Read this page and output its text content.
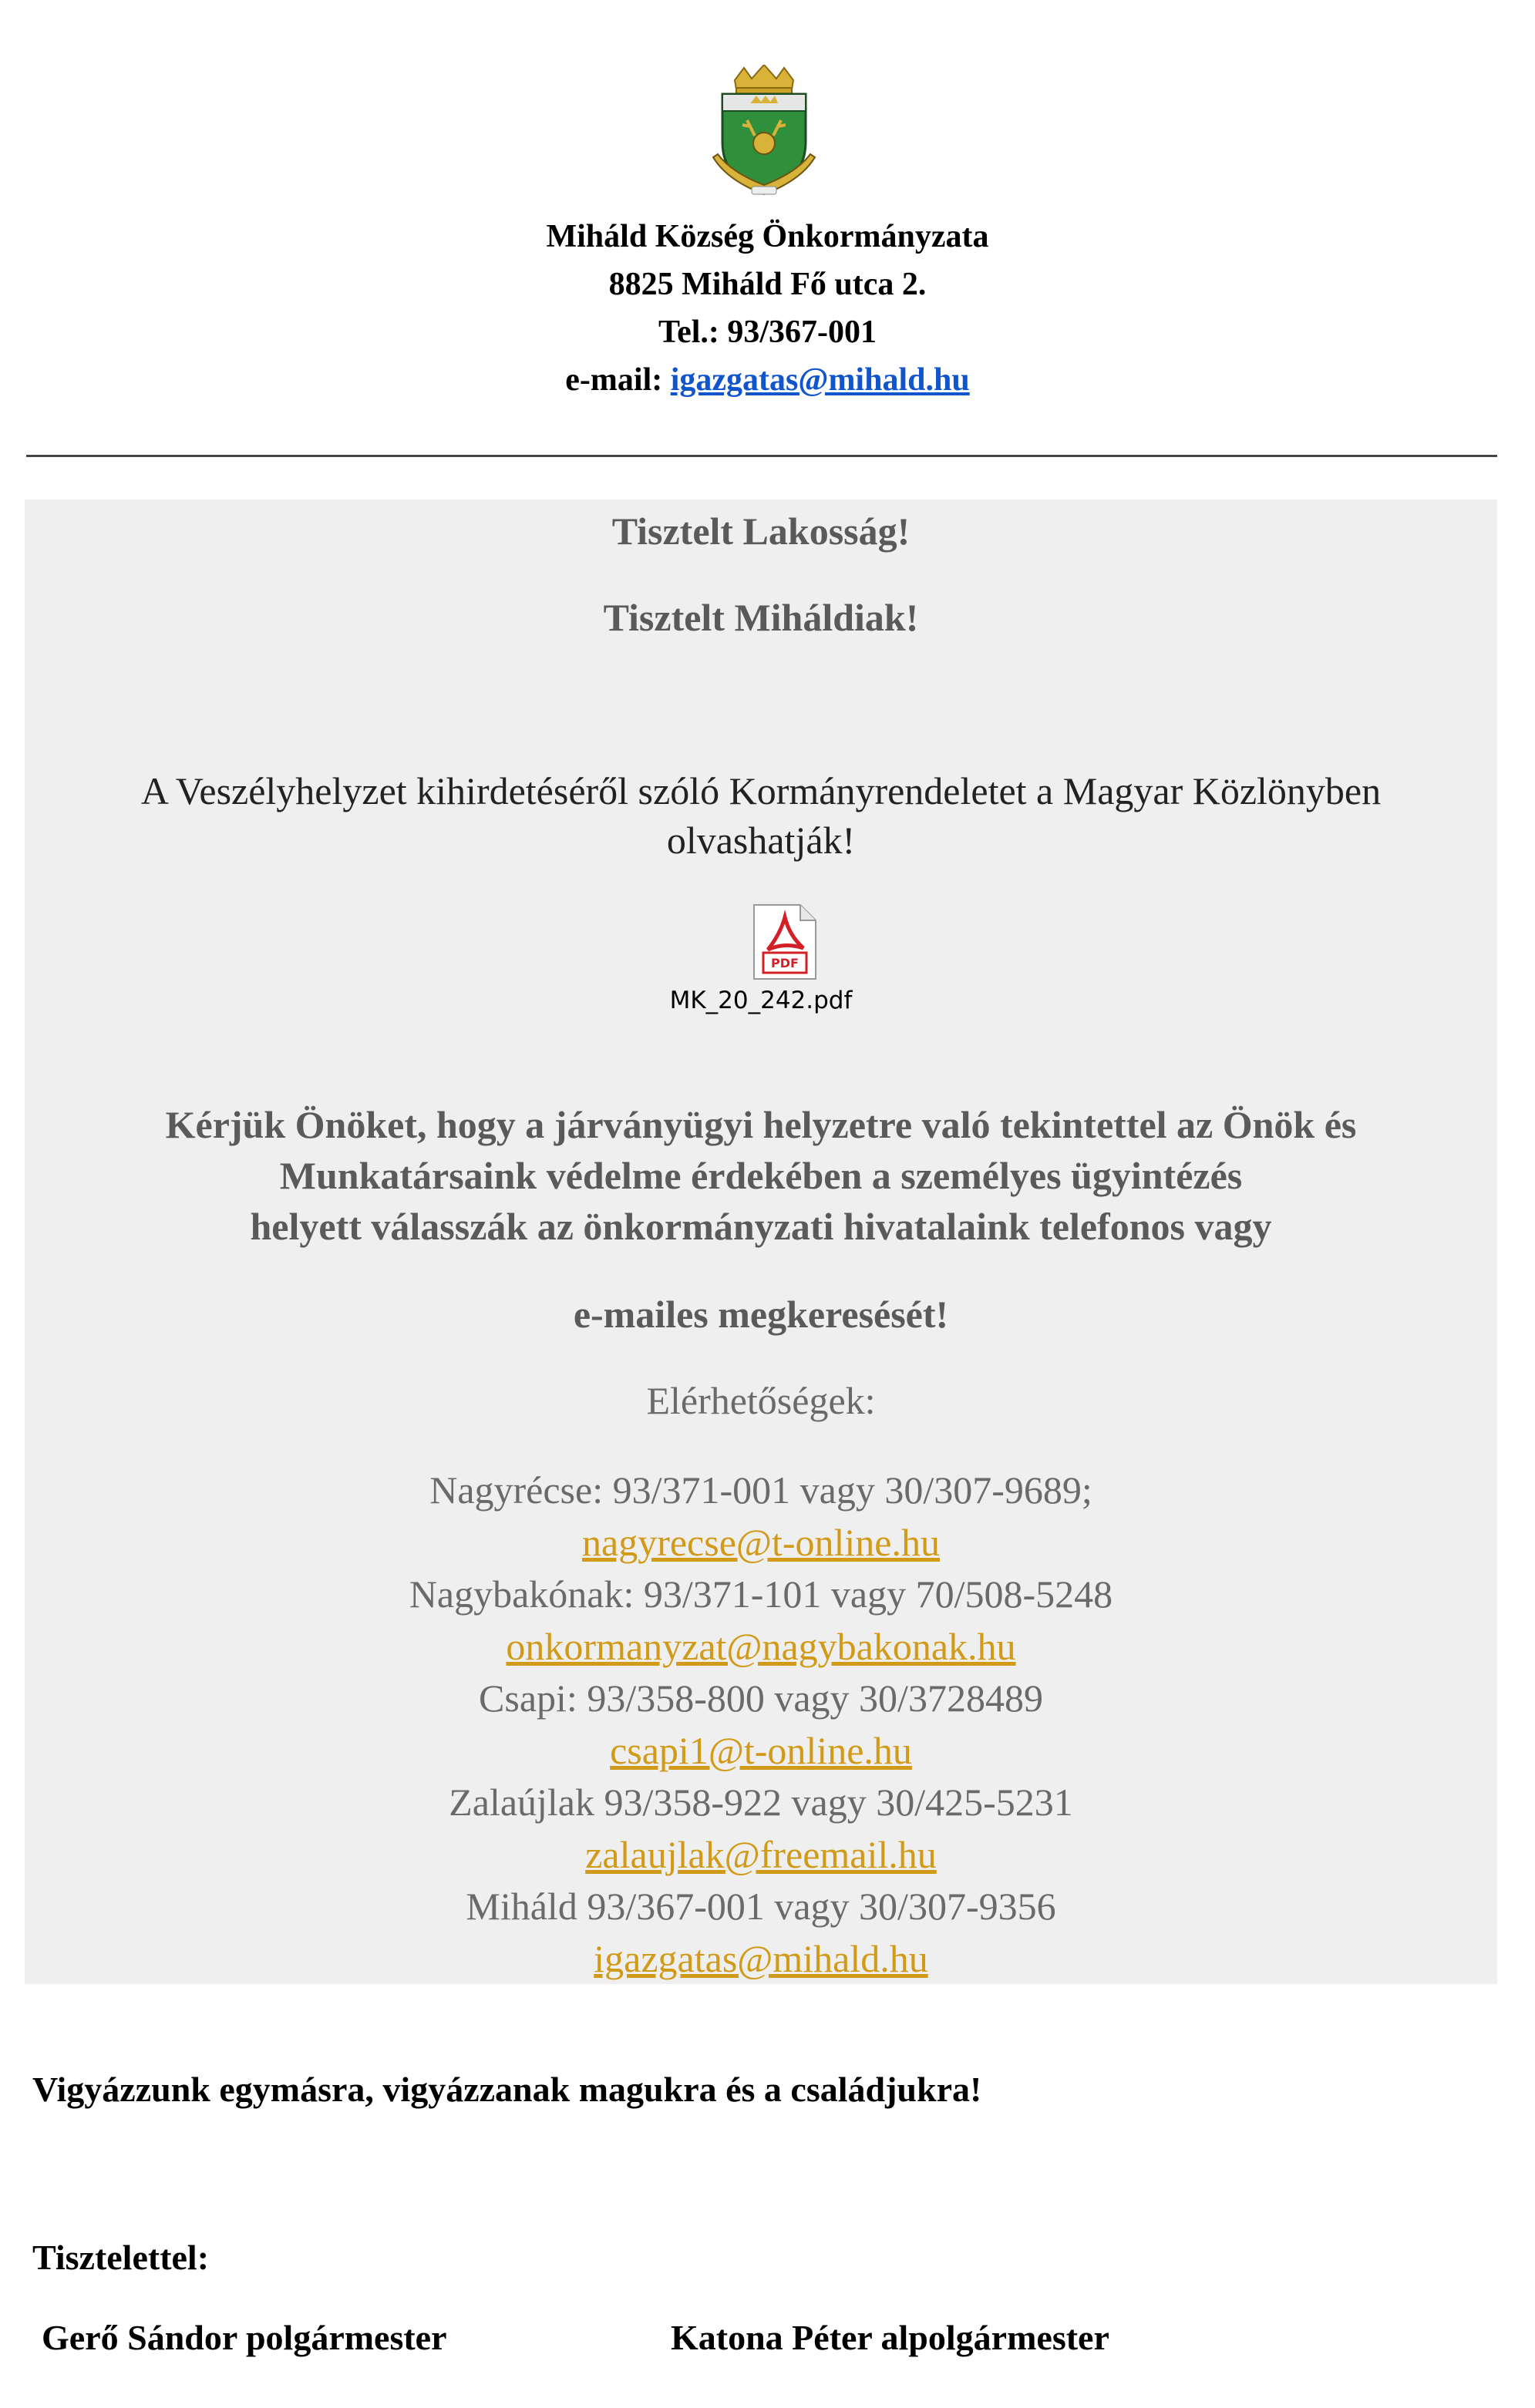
Miháld Község Önkormányzata
8825 Miháld Fő utca 2.
Tel.: 93/367-001
e-mail: igazgatas@mihald.hu
Tisztelt Lakosság!
Tisztelt Miháldiak!
A Veszélyhelyzet kihirdetéséről szóló Kormányrendeletet a Magyar Közlönyben
olvashatják!
PDF
MK_20_242.pdf
Kérjük Önöket, hogy a járványügyi helyzetre való tekintettel az Önök és
Munkatársaink védelme érdekében a személyes ügyintézés
helyett válasszák az önkormányzati hivatalaink telefonos vagy
e-mailes megkeresését!
Elérhetőségek:
Nagyrécse: 93/371-001 vagy 30/307-9689;
nagyrecse@t-online.hu
Nagybakónak: 93/371-101 vagy 70/508-5248
onkormanyzat@nagybakonak.hu
Csapi: 93/358-800 vagy 30/3728489
csapi1@t-online.hu
Zalaújlak 93/358-922 vagy 30/425-5231
zalaujlak@freemail.hu
Miháld 93/367-001 vagy 30/307-9356
igazgatas@mihald.hu
Vigyázzunk egymásra, vigyázzanak magukra és a családjukra!
Tisztelettel:
Gerő Sándor polgármester	Katona Péter alpolgármester
